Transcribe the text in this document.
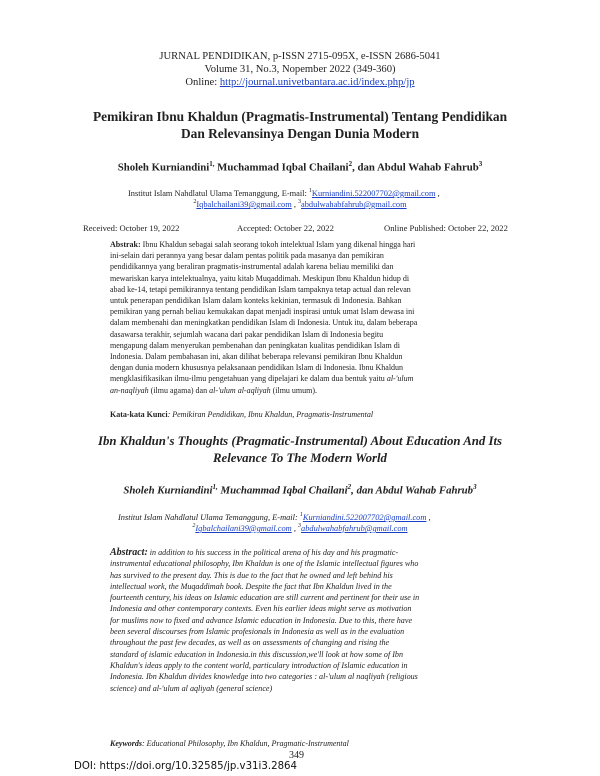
JURNAL PENDIDIKAN, p-ISSN 2715-095X, e-ISSN 2686-5041
Volume 31, No.3, Nopember 2022 (349-360)
Online: http://journal.univetbantara.ac.id/index.php/jp
Pemikiran Ibnu Khaldun (Pragmatis-Instrumental) Tentang Pendidikan
Dan Relevansinya Dengan Dunia Modern
Sholeh Kurniandini$^{1,}$ Muchammad Iqbal Chailani$^2$, dan Abdul Wahab Fahrub$^3$
Institut Islam Nahdlatul Ulama Temanggung, E-mail: $^1$Kurniandini.522007702@gmail.com ,
$^2$Iqbalchailani39@gmail.com , $^3$abdulwahabfahrub@gmail.com
Received: October 19, 2022	Accepted: October 22, 2022	Online Published: October 22, 2022
Abstrak: Ibnu Khaldun sebagai salah seorang tokoh intelektual Islam yang dikenal hingga hari
ini-selain dari perannya yang besar dalam pentas politik pada masanya dan pemikiran
pendidikannya yang beraliran pragmatis-instrumental adalah karena beliau memiliki dan
mewariskan karya intelektualnya, yaitu kitab Muqaddimah. Meskipun Ibnu Khaldun hidup di
abad ke-14, tetapi pemikirannya tentang pendidikan Islam tampaknya tetap actual dan relevan
untuk penerapan pendidikan Islam dalam konteks kekinian, termasuk di Indonesia. Bahkan
pemikiran yang pernah beliau kemukakan dapat menjadi inspirasi untuk umat Islam dewasa ini
dalam membenahi dan meningkatkan pendidikan Islam di Indonesia. Untuk itu, dalam beberapa
dasawarsa terakhir, sejumlah wacana dari pakar pendidikan Islam di Indonesia begitu
mengapung dalam menyerukan pembenahan dan peningkatan kualitas pendidikan Islam di
Indonesia. Dalam pembahasan ini, akan dilihat beberapa relevansi pemikiran Ibnu Khaldun
dengan dunia modern khususnya pelaksanaan pendidikan Islam di Indonesia. Ibnu Khaldun
mengklasifikasikan ilmu-ilmu pengetahuan yang dipelajari ke dalam dua bentuk yaitu al-'ulum
an-naqliyah (ilmu agama) dan al-'ulum al-aqliyah (ilmu umum).
Kata-kata Kunci: Pemikiran Pendidikan, Ibnu Khaldun, Pragmatis-Instrumental
Ibn Khaldun's Thoughts (Pragmatic-Instrumental) About Education And Its
Relevance To The Modern World
Sholeh Kurniandini$^{1,}$ Muchammad Iqbal Chailani$^2$, dan Abdul Wahab Fahrub$^3$
Institut Islam Nahdlatul Ulama Temanggung, E-mail: $^1$Kurniandini.522007702@gmail.com ,
$^2$Iqbalchailani39@gmail.com , $^3$abdulwahabfahrub@gmail.com
Abstract: in addition to his success in the political arena of his day and his pragmatic-
instrumental educational philosophy, Ibn Khaldun is one of the Islamic intellectual figures who
has survived to the present day. This is due to the fact that he owned and left behind his
intellectual work, the Muqaddimah book. Despite the fact that Ibn Khaldun lived in the
fourteenth century, his ideas on Islamic education are still current and pertinent for their use in
Indonesia and other contemporary contexts. Even his earlier ideas might serve as motivation
for muslims now to fixed and advance Islamic education in Indonesia. Due to this, there have
been several discourses from Islamic profesionals in Indonesia as well as in the evaluation
throughout the past few decades, as well as on assessments of changing and rising the
standard of islamic education in Indonesia.in this discussion,we'll look at how some of Ibn
Khaldun's ideas apply to the content world, particulary introduction of Islamic education in
Indonesia. Ibn Khaldun divides knowledge into two categories : al-'ulum al naqliyah (religious
science) and al-'ulum al aqliyah (general science)
Keywords: Educational Philosophy, Ibn Khaldun, Pragmatic-Instrumental
349
DOI: https://doi.org/10.32585/jp.v31i3.2864
